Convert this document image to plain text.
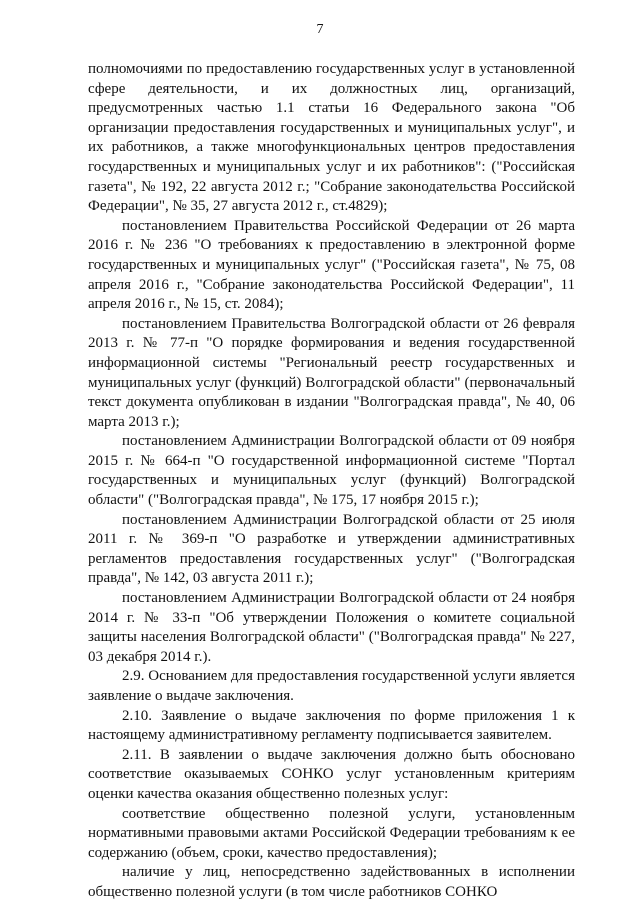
7

полномочиями по предоставлению государственных услуг в установленной сфере деятельности, и их должностных лиц, организаций, предусмотренных частью 1.1 статьи 16 Федерального закона "Об организации предоставления государственных и муниципальных услуг", и их работников, а также многофункциональных центров предоставления государственных и муниципальных услуг и их работников": ("Российская газета", № 192, 22 августа 2012 г.; "Собрание законодательства Российской Федерации", № 35, 27 августа 2012 г., ст.4829);

постановлением Правительства Российской Федерации от 26 марта 2016 г. № 236 "О требованиях к предоставлению в электронной форме государственных и муниципальных услуг" ("Российская газета", № 75, 08 апреля 2016 г., "Собрание законодательства Российской Федерации", 11 апреля 2016 г., № 15, ст. 2084);

постановлением Правительства Волгоградской области от 26 февраля 2013 г. № 77-п "О порядке формирования и ведения государственной информационной системы "Региональный реестр государственных и муниципальных услуг (функций) Волгоградской области" (первоначальный текст документа опубликован в издании "Волгоградская правда", № 40, 06 марта 2013 г.);

постановлением Администрации Волгоградской области от 09 ноября 2015 г. № 664-п "О государственной информационной системе "Портал государственных и муниципальных услуг (функций) Волгоградской области" ("Волгоградская правда", № 175, 17 ноября 2015 г.);

постановлением Администрации Волгоградской области от 25 июля 2011 г. № 369-п "О разработке и утверждении административных регламентов предоставления государственных услуг" ("Волгоградская правда", № 142, 03 августа 2011 г.);

постановлением Администрации Волгоградской области от 24 ноября 2014 г. № 33-п "Об утверждении Положения о комитете социальной защиты населения Волгоградской области" ("Волгоградская правда" № 227, 03 декабря 2014 г.).

2.9. Основанием для предоставления государственной услуги является заявление о выдаче заключения.

2.10. Заявление о выдаче заключения по форме приложения 1 к настоящему административному регламенту подписывается заявителем.

2.11. В заявлении о выдаче заключения должно быть обосновано соответствие оказываемых СОНКО услуг установленным критериям оценки качества оказания общественно полезных услуг:

соответствие общественно полезной услуги, установленным нормативными правовыми актами Российской Федерации требованиям к ее содержанию (объем, сроки, качество предоставления);

наличие у лиц, непосредственно задействованных в исполнении общественно полезной услуги (в том числе работников СОНКО
